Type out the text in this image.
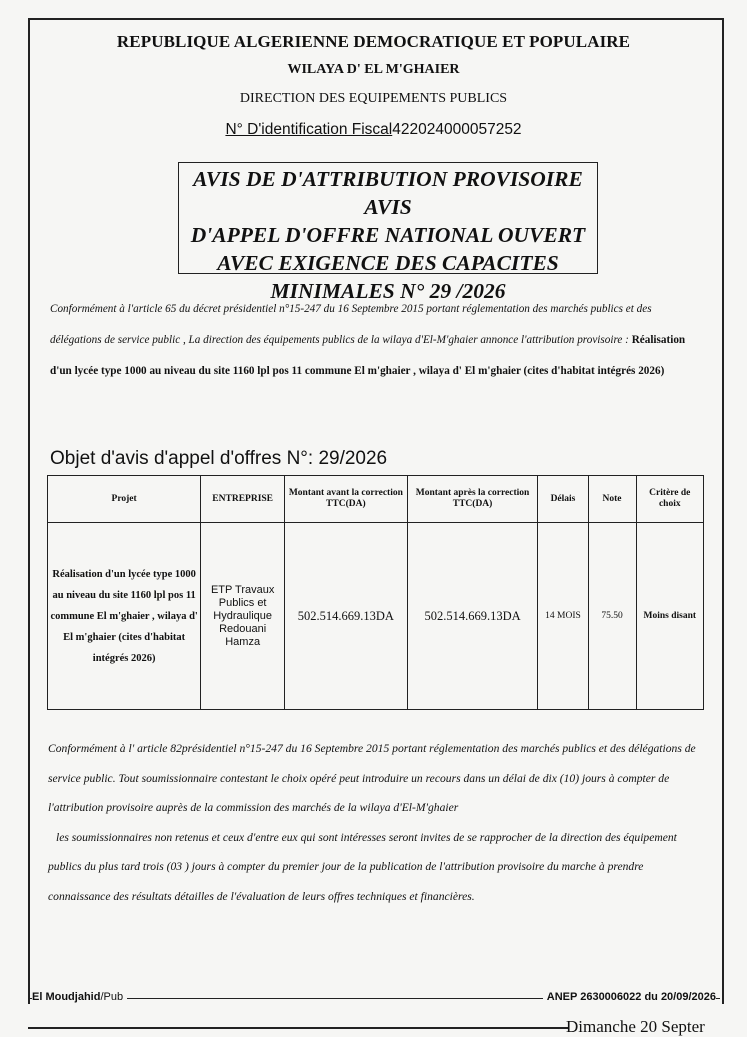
REPUBLIQUE ALGERIENNE DEMOCRATIQUE ET POPULAIRE
WILAYA D' EL M'GHAIER
DIRECTION DES EQUIPEMENTS PUBLICS
N° D'identification Fiscal422024000057252
AVIS DE D'ATTRIBUTION PROVISOIRE AVIS
D'APPEL D'OFFRE NATIONAL OUVERT
AVEC EXIGENCE DES CAPACITES
MINIMALES N° 29 /2026
Conformément à l'article 65 du décret présidentiel n°15-247 du 16 Septembre 2015 portant réglementation des marchés publics et des délégations de service public , La direction des équipements publics de la wilaya d'El-M'ghaier annonce l'attribution provisoire : Réalisation d'un lycée type 1000 au niveau du site 1160 lpl pos 11 commune El m'ghaier , wilaya d' El m'ghaier (cites d'habitat intégrés 2026)
Objet d'avis d'appel d'offres N°: 29/2026
Projet	ENTREPRISE	Montant avant la correction TTC(DA)	Montant après la correction TTC(DA)	Délais	Note	Critère de choix
Réalisation d'un lycée type 1000 au niveau du site 1160 lpl pos 11 commune El m'ghaier , wilaya d' El m'ghaier (cites d'habitat intégrés 2026)	ETP Travaux Publics et Hydraulique Redouani Hamza	502.514.669.13DA	502.514.669.13DA	14 MOIS	75.50	Moins disant
Conformément à l' article 82présidentiel n°15-247 du 16 Septembre 2015 portant réglementation des marchés publics et des délégations de service public. Tout soumissionnaire contestant le choix opéré peut introduire un recours dans un délai de dix (10) jours à compter de l'attribution provisoire auprès de la commission des marchés de la wilaya d'El-M'ghaier
les soumissionnaires non retenus et ceux d'entre eux qui sont intéresses seront invites de se rapprocher de la direction des équipement publics du plus tard trois (03 ) jours à compter du premier jour de la publication de l'attribution provisoire du marche à prendre connaissance des résultats détailles de l'évaluation de leurs offres techniques et financières.
El Moudjahid/Pub	ANEP 2630006022 du 20/09/2026
Dimanche 20 Septer
